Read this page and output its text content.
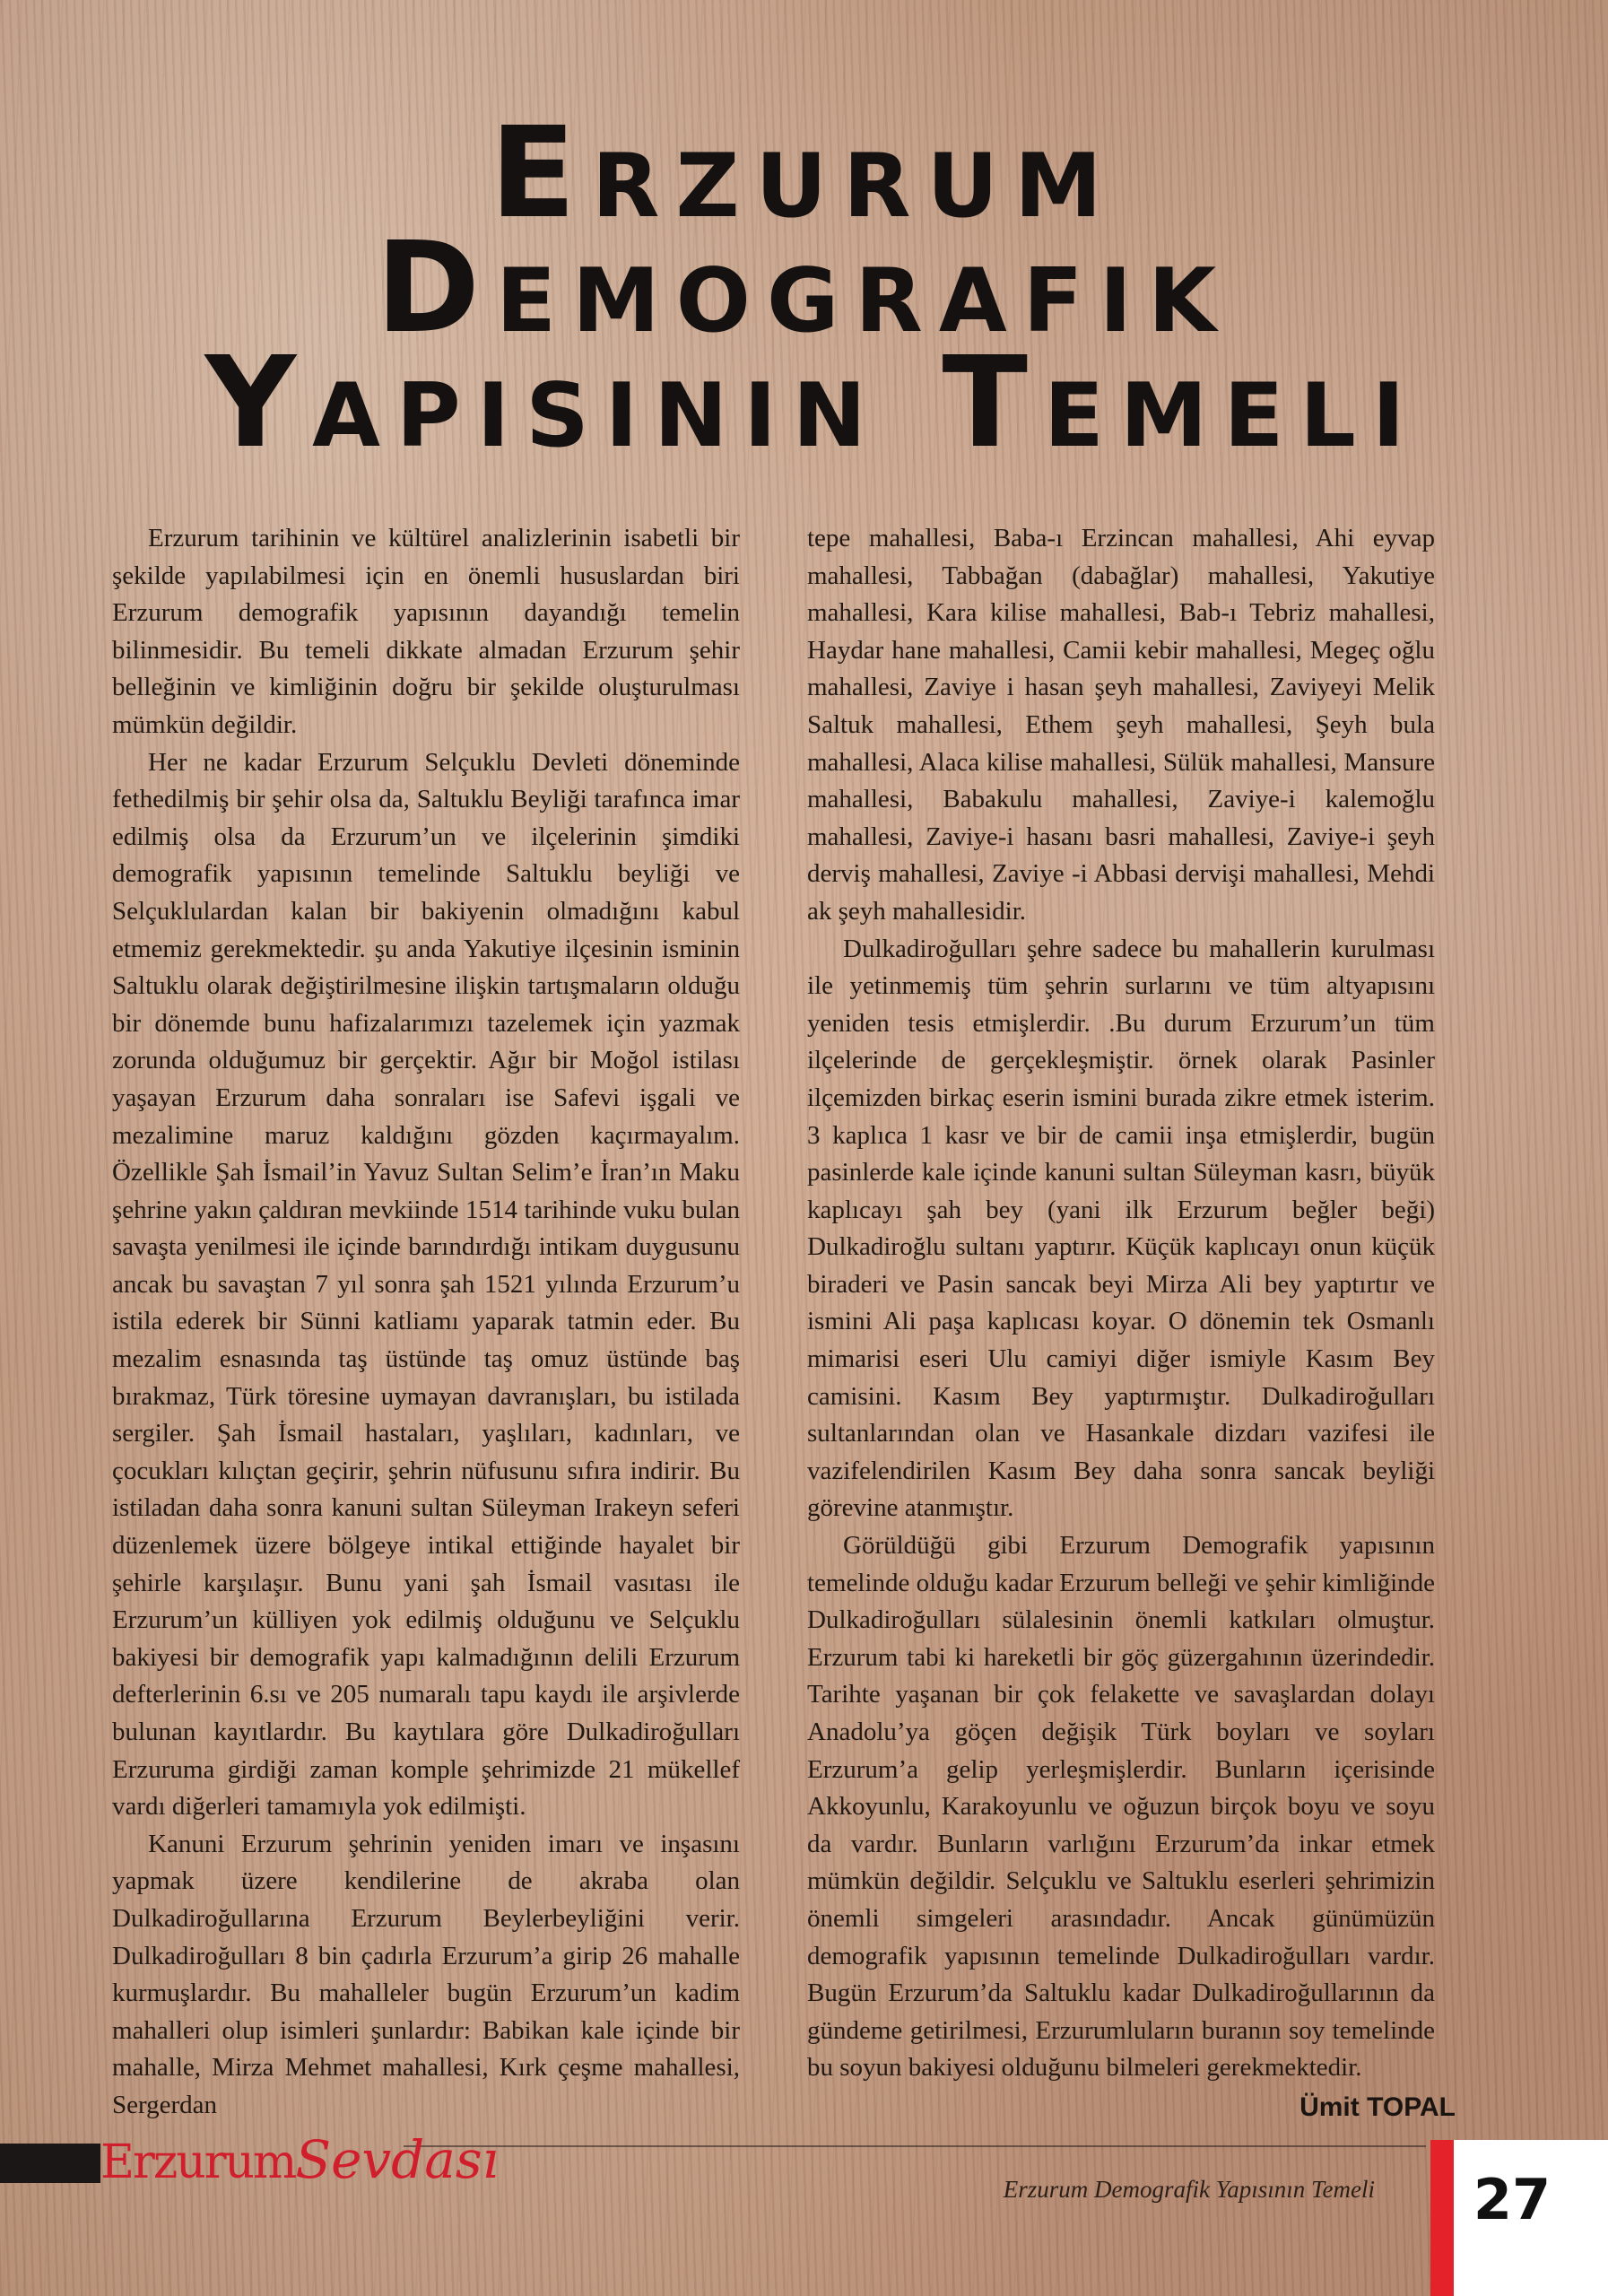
Erzurum
Demografik
Yapısının Temeli

Erzurum tarihinin ve kültürel analizlerinin isabetli bir şekilde yapılabilmesi için en önemli hususlardan biri Erzurum demografik yapısının dayandığı temelin bilinmesidir. Bu temeli dikkate almadan Erzurum şehir belleğinin ve kimliğinin doğru bir şekilde oluşturulması mümkün değildir.

Her ne kadar Erzurum Selçuklu Devleti döneminde fethedilmiş bir şehir olsa da, Saltuklu Beyliği tarafınca imar edilmiş olsa da Erzurum’un ve ilçelerinin şimdiki demografik yapısının temelinde Saltuklu beyliği ve Selçuklulardan kalan bir bakiyenin olmadığını kabul etmemiz gerekmektedir. şu anda Yakutiye ilçesinin isminin Saltuklu olarak değiştirilmesine ilişkin tartışmaların olduğu bir dönemde bunu hafizalarımızı tazelemek için yazmak zorunda olduğumuz bir gerçektir. Ağır bir Moğol istilası yaşayan Erzurum daha sonraları ise Safevi işgali ve mezalimine maruz kaldığını gözden kaçırmayalım. Özellikle Şah İsmail’in Yavuz Sultan Selim’e İran’ın Maku şehrine yakın çaldıran mevkiinde 1514 tarihinde vuku bulan savaşta yenilmesi ile içinde barındırdığı intikam duygusunu ancak bu savaştan 7 yıl sonra şah 1521 yılında Erzurum’u istila ederek bir Sünni katliamı yaparak tatmin eder. Bu mezalim esnasında taş üstünde taş omuz üstünde baş bırakmaz, Türk töresine uymayan davranışları, bu istilada sergiler. Şah İsmail hastaları, yaşlıları, kadınları, ve çocukları kılıçtan geçirir, şehrin nüfusunu sıfıra indirir. Bu istiladan daha sonra kanuni sultan Süleyman Irakeyn seferi düzenlemek üzere bölgeye intikal ettiğinde hayalet bir şehirle karşılaşır. Bunu yani şah İsmail vasıtası ile Erzurum’un külliyen yok edilmiş olduğunu ve Selçuklu bakiyesi bir demografik yapı kalmadığının delili Erzurum defterlerinin 6.sı ve 205 numaralı tapu kaydı ile arşivlerde bulunan kayıtlardır. Bu kaytılara göre Dulkadiroğulları Erzuruma girdiği zaman komple şehrimizde 21 mükellef vardı diğerleri tamamıyla yok edilmişti.

Kanuni Erzurum şehrinin yeniden imarı ve inşasını yapmak üzere kendilerine de akraba olan Dulkadiroğullarına Erzurum Beylerbeyliğini verir. Dulkadiroğulları 8 bin çadırla Erzurum’a girip 26 mahalle kurmuşlardır. Bu mahalleler bugün Erzurum’un kadim mahalleri olup isimleri şunlardır: Babikan kale içinde bir mahalle, Mirza Mehmet mahallesi, Kırk çeşme mahallesi, Sergerdan

tepe mahallesi, Baba-ı Erzincan mahallesi, Ahi eyvap mahallesi, Tabbağan (dabağlar) mahallesi, Yakutiye mahallesi, Kara kilise mahallesi, Bab-ı Tebriz mahallesi, Haydar hane mahallesi, Camii kebir mahallesi, Megeç oğlu mahallesi, Zaviye i hasan şeyh mahallesi, Zaviyeyi Melik Saltuk mahallesi, Ethem şeyh mahallesi, Şeyh bula mahallesi, Alaca kilise mahallesi, Sülük mahallesi, Mansure mahallesi, Babakulu mahallesi, Zaviye-i kalemoğlu mahallesi, Zaviye-i hasanı basri mahallesi, Zaviye-i şeyh derviş mahallesi, Zaviye -i Abbasi dervişi mahallesi, Mehdi ak şeyh mahallesidir.

Dulkadiroğulları şehre sadece bu mahallerin kurulması ile yetinmemiş tüm şehrin surlarını ve tüm altyapısını yeniden tesis etmişlerdir. .Bu durum Erzurum’un tüm ilçelerinde de gerçekleşmiştir. örnek olarak Pasinler ilçemizden birkaç eserin ismini burada zikre etmek isterim. 3 kaplıca 1 kasr ve bir de camii inşa etmişlerdir, bugün pasinlerde kale içinde kanuni sultan Süleyman kasrı, büyük kaplıcayı şah bey (yani ilk Erzurum beğler beği) Dulkadiroğlu sultanı yaptırır. Küçük kaplıcayı onun küçük biraderi ve Pasin sancak beyi Mirza Ali bey yaptırtır ve ismini Ali paşa kaplıcası koyar. O dönemin tek Osmanlı mimarisi eseri Ulu camiyi diğer ismiyle Kasım Bey camisini. Kasım Bey yaptırmıştır. Dulkadiroğulları sultanlarından olan ve Hasankale dizdarı vazifesi ile vazifelendirilen Kasım Bey daha sonra sancak beyliği görevine atanmıştır.

Görüldüğü gibi Erzurum Demografik yapısının temelinde olduğu kadar Erzurum belleği ve şehir kimliğinde Dulkadiroğulları sülalesinin önemli katkıları olmuştur. Erzurum tabi ki hareketli bir göç güzergahının üzerindedir. Tarihte yaşanan bir çok felakette ve savaşlardan dolayı Anadolu’ya göçen değişik Türk boyları ve soyları Erzurum’a gelip yerleşmişlerdir. Bunların içerisinde Akkoyunlu, Karakoyunlu ve oğuzun birçok boyu ve soyu da vardır. Bunların varlığını Erzurum’da inkar etmek mümkün değildir. Selçuklu ve Saltuklu eserleri şehrimizin önemli simgeleri arasındadır. Ancak günümüzün demografik yapısının temelinde Dulkadiroğulları vardır. Bugün Erzurum’da Saltuklu kadar Dulkadiroğullarının da gündeme getirilmesi, Erzurumluların buranın soy temelinde bu soyun bakiyesi olduğunu bilmeleri gerekmektedir.

Ümit TOPAL
ErzurumSevdası	Erzurum Demografik Yapısının Temeli	27
